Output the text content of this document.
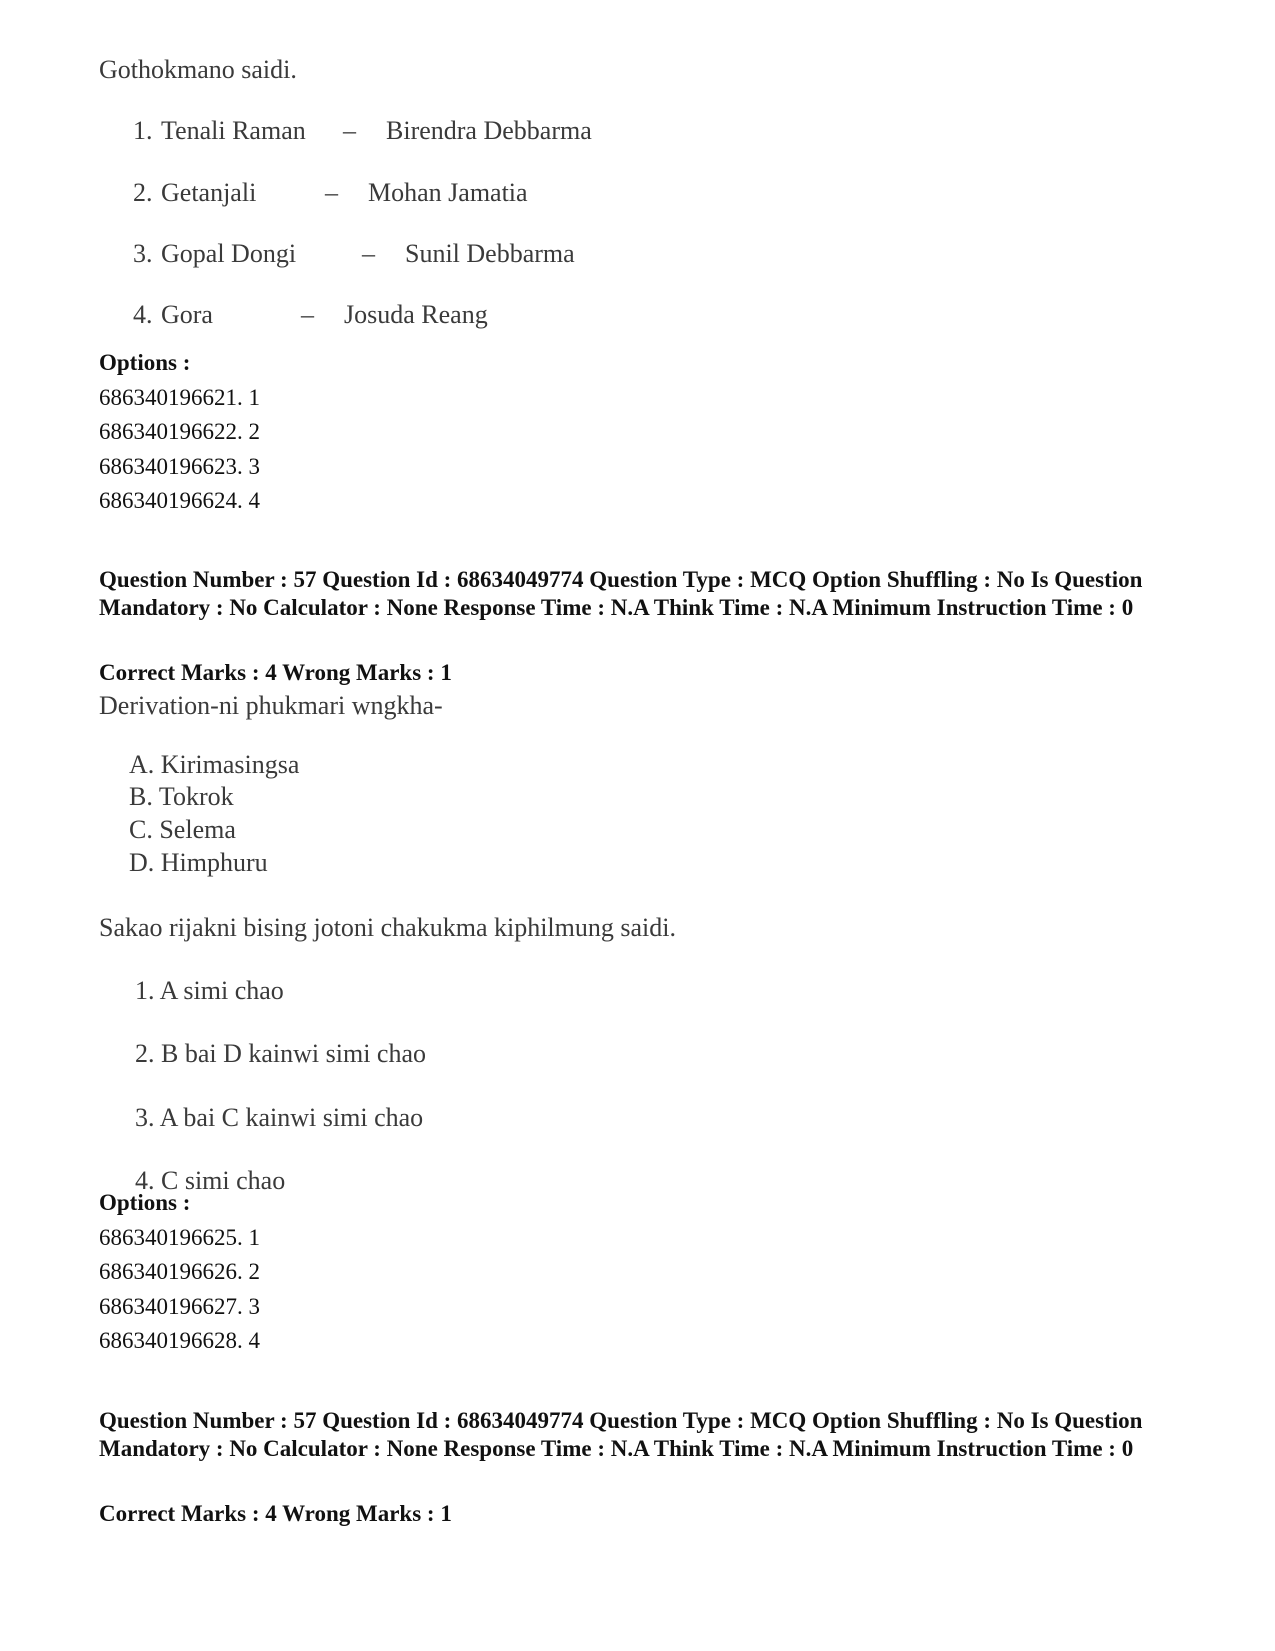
Gothokmano saidi.
1. Tenali Raman – Birendra Debbarma
2. Getanjali	– Mohan Jamatia
3. Gopal Dongi	– Sunil Debbarma
4. Gora	– Josuda Reang
Options :
686340196621. 1
686340196622. 2
686340196623. 3
686340196624. 4
Question Number : 57 Question Id : 68634049774 Question Type : MCQ Option Shuffling : No Is Question Mandatory : No Calculator : None Response Time : N.A Think Time : N.A Minimum Instruction Time : 0
Correct Marks : 4 Wrong Marks : 1
Derivation-ni phukmari wngkha-
A. Kirimasingsa
B. Tokrok
C. Selema
D. Himphuru
Sakao rijakni bising jotoni chakukma kiphilmung saidi.
1. A simi chao
2. B bai D kainwi simi chao
3. A bai C kainwi simi chao
4. C simi chao
Options :
686340196625. 1
686340196626. 2
686340196627. 3
686340196628. 4
Question Number : 57 Question Id : 68634049774 Question Type : MCQ Option Shuffling : No Is Question Mandatory : No Calculator : None Response Time : N.A Think Time : N.A Minimum Instruction Time : 0
Correct Marks : 4 Wrong Marks : 1
